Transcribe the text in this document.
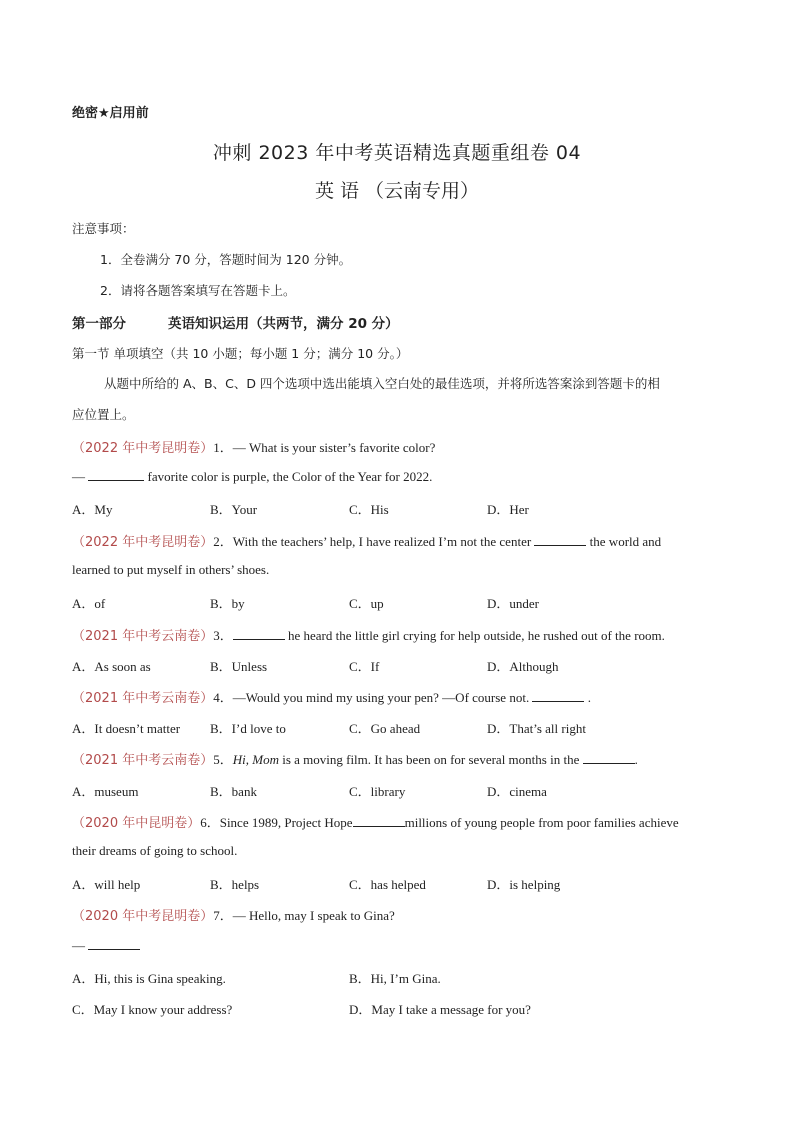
绝密★启用前
冲刺 2023 年中考英语精选真题重组卷 04
英 语 （云南专用）
注意事项：
1．全卷满分 70 分，答题时间为 120 分钟。
2．请将各题答案填写在答题卡上。
第一部分	英语知识运用（共两节，满分 20 分）
第一节 单项填空（共 10 小题；每小题 1 分；满分 10 分。）
从题中所给的 A、B、C、D 四个选项中选出能填入空白处的最佳选项，并将所选答案涂到答题卡的相
应位置上。
（2022 年中考昆明卷）1．— What is your sister’s favorite color?
—	favorite color is purple, the Color of the Year for 2022.
A．My	B．Your	C．His	D．Her
（2022 年中考昆明卷）2．With the teachers’ help, I have realized I’m not the center	the world and
learned to put myself in others’ shoes.
A．of	B．by	C．up	D．under
（2021 年中考云南卷）3．	he heard the little girl crying for help outside, he rushed out of the room.
A．As soon as	B．Unless	C．If	D．Although
（2021 年中考云南卷）4．—Would you mind my using your pen? —Of course not.	.
A．It doesn’t matter B．I’d love to	C．Go ahead	D．That’s all right
（2021 年中考云南卷）5．Hi, Mom is a moving film. It has been on for several months in the	.
A．museum	B．bank	C．library	D．cinema
（2020 年中昆明卷）6．Since 1989, Project Hope	millions of young people from poor families achieve
their dreams of going to school.
A．will help	B．helps	C．has helped	D．is helping
（2020 年中考昆明卷）7．— Hello, may I speak to Gina?
—
A．Hi, this is Gina speaking.	B．Hi, I’m Gina.
C．May I know your address?	D．May I take a message for you?
